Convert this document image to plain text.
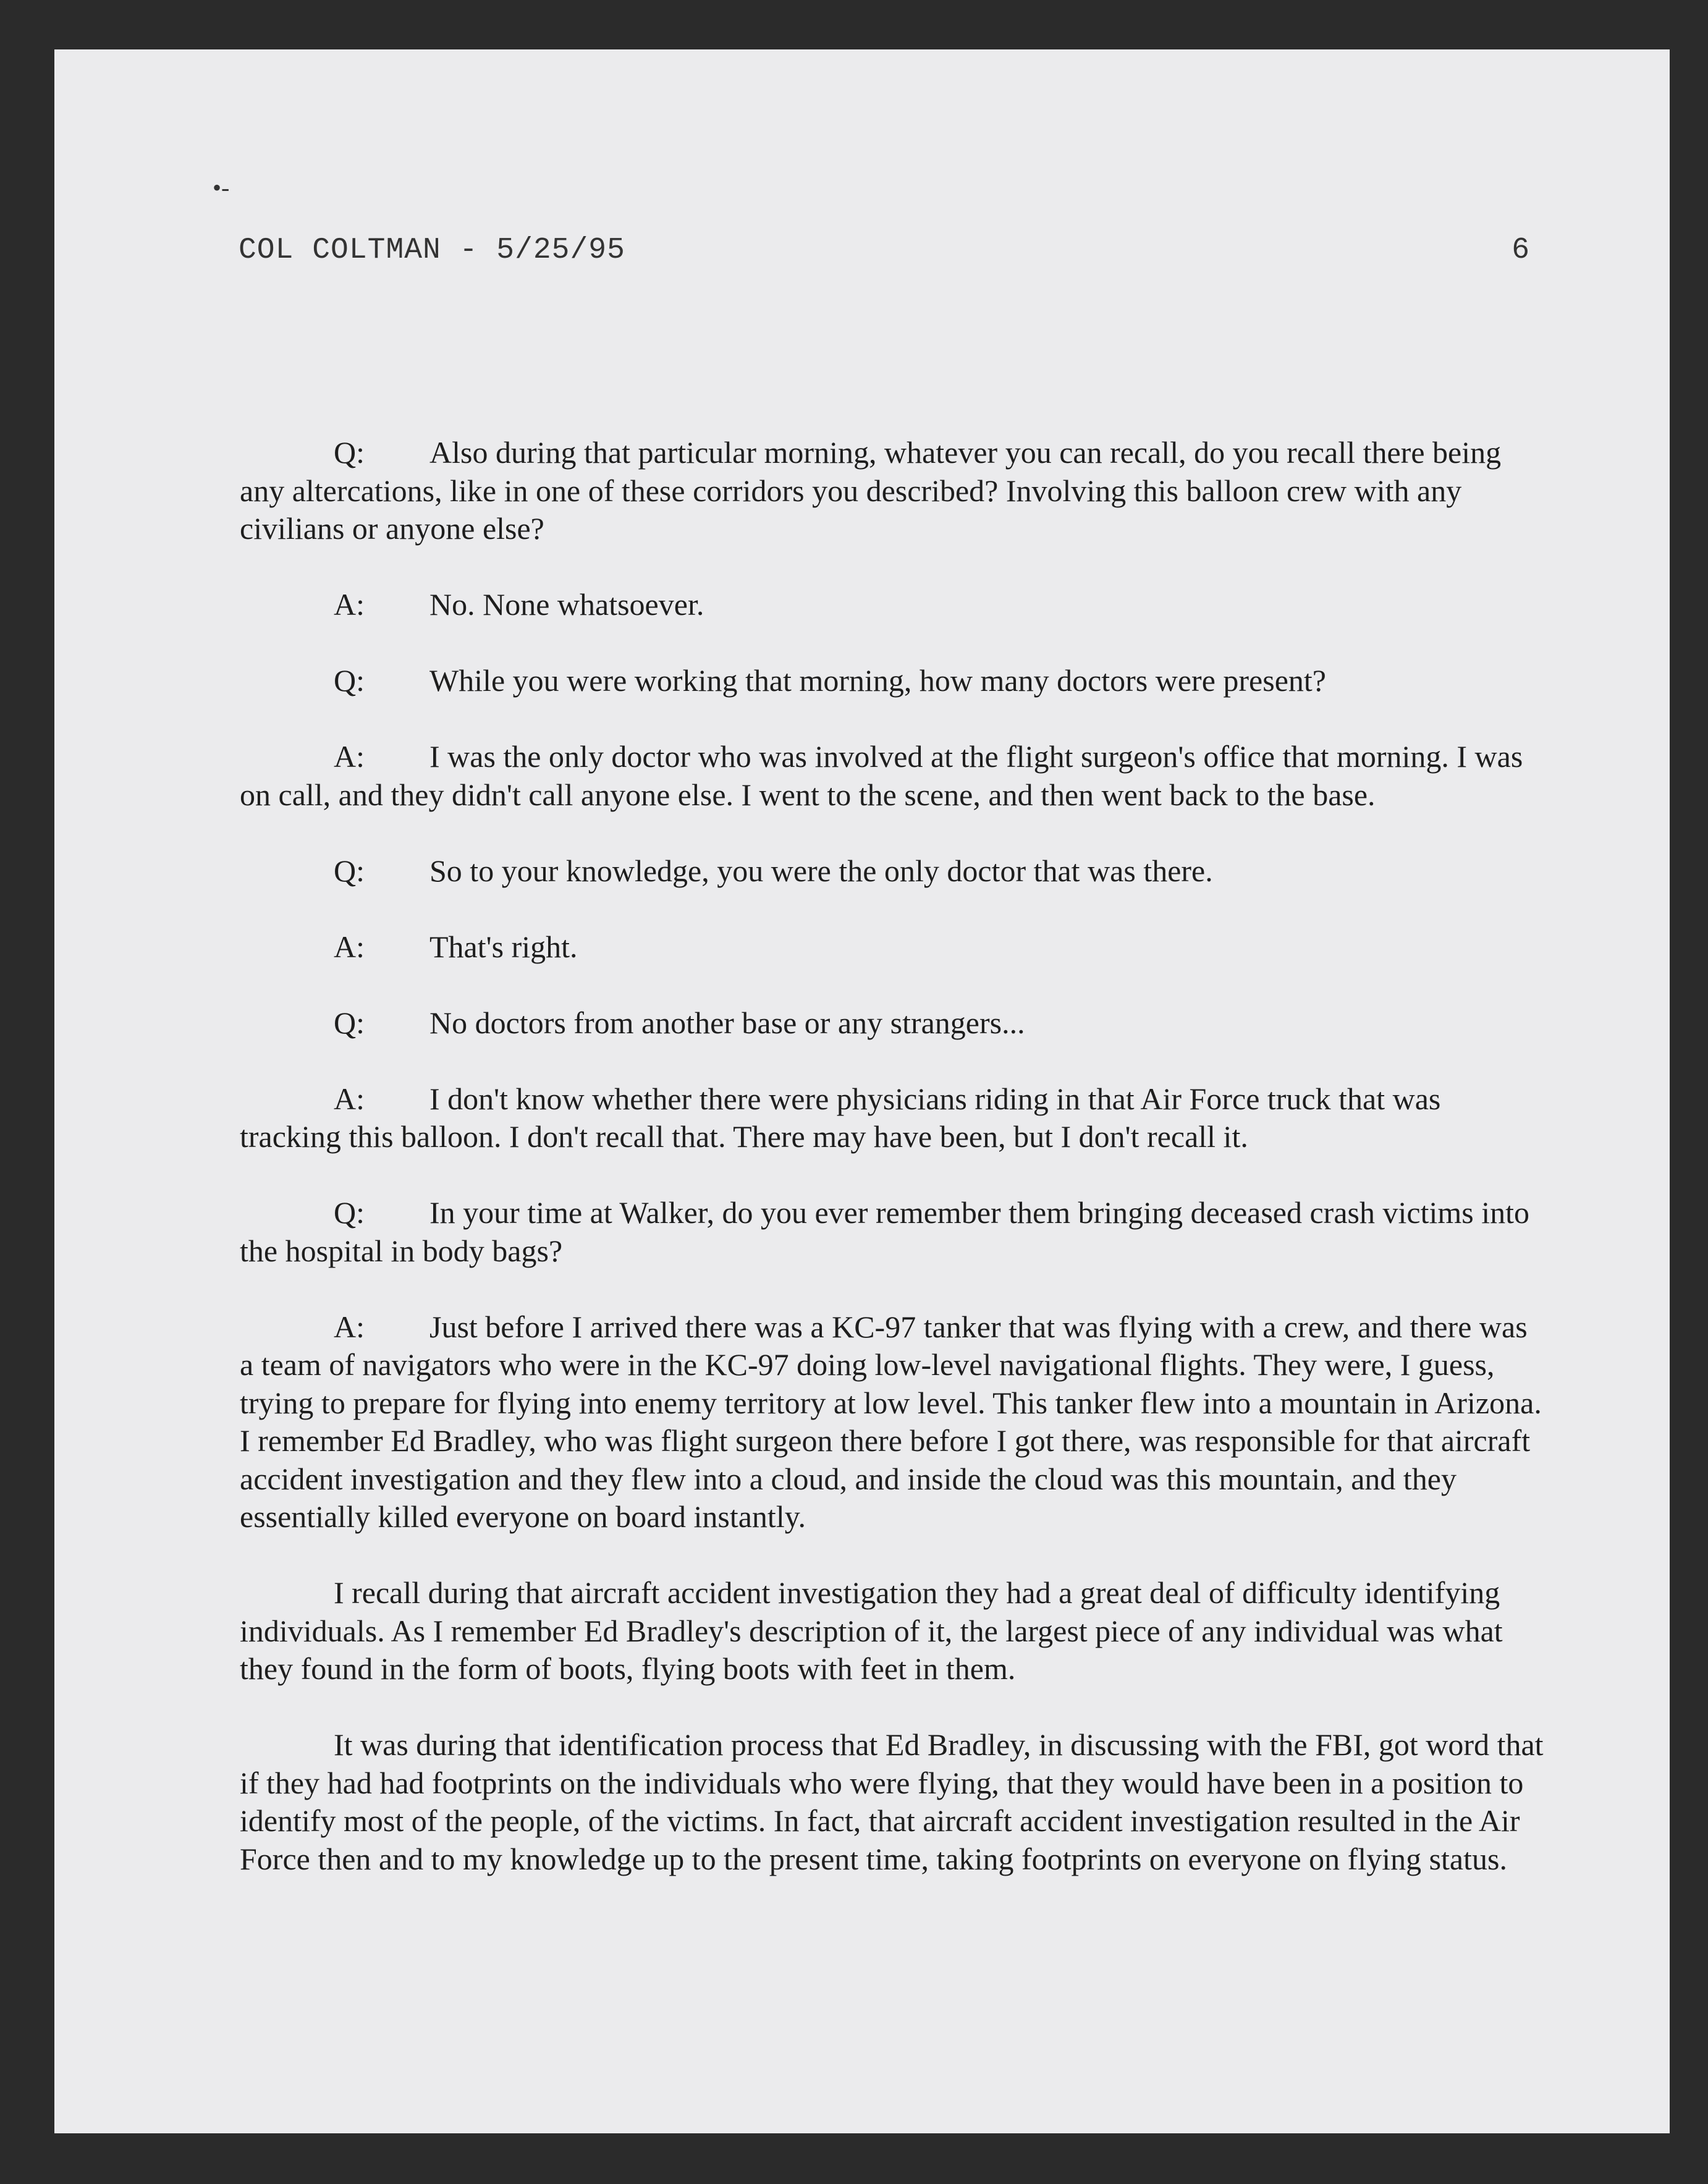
•-
COL COLTMAN - 5/25/95	6

Q: Also during that particular morning, whatever you can recall, do you recall there being any altercations, like in one of these corridors you described? Involving this balloon crew with any civilians or anyone else?

A: No. None whatsoever.

Q: While you were working that morning, how many doctors were present?

A: I was the only doctor who was involved at the flight surgeon's office that morning. I was on call, and they didn't call anyone else. I went to the scene, and then went back to the base.

Q: So to your knowledge, you were the only doctor that was there.

A: That's right.

Q: No doctors from another base or any strangers...

A: I don't know whether there were physicians riding in that Air Force truck that was tracking this balloon. I don't recall that. There may have been, but I don't recall it.

Q: In your time at Walker, do you ever remember them bringing deceased crash victims into the hospital in body bags?

A: Just before I arrived there was a KC-97 tanker that was flying with a crew, and there was a team of navigators who were in the KC-97 doing low-level navigational flights. They were, I guess, trying to prepare for flying into enemy territory at low level. This tanker flew into a mountain in Arizona. I remember Ed Bradley, who was flight surgeon there before I got there, was responsible for that aircraft accident investigation and they flew into a cloud, and inside the cloud was this mountain, and they essentially killed everyone on board instantly.

I recall during that aircraft accident investigation they had a great deal of difficulty identifying individuals. As I remember Ed Bradley's description of it, the largest piece of any individual was what they found in the form of boots, flying boots with feet in them.

It was during that identification process that Ed Bradley, in discussing with the FBI, got word that if they had had footprints on the individuals who were flying, that they would have been in a position to identify most of the people, of the victims. In fact, that aircraft accident investigation resulted in the Air Force then and to my knowledge up to the present time, taking footprints on everyone on flying status.
